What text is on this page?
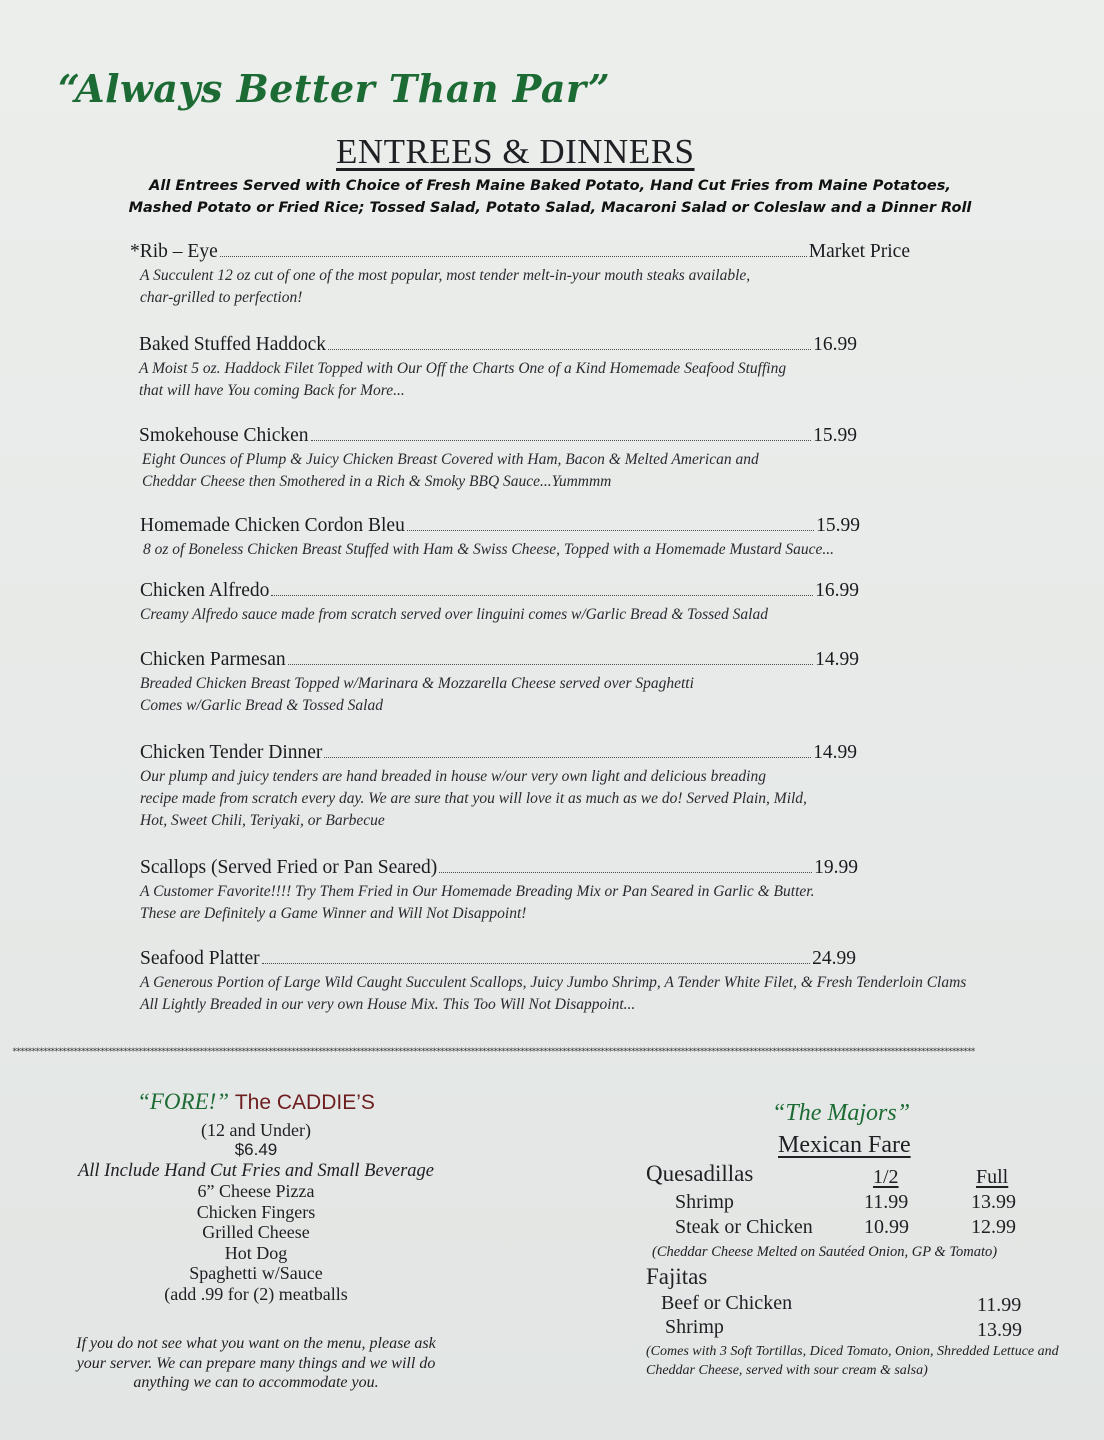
“Always Better Than Par”
ENTREES & DINNERS
All Entrees Served with Choice of Fresh Maine Baked Potato, Hand Cut Fries from Maine Potatoes,
Mashed Potato or Fried Rice; Tossed Salad, Potato Salad, Macaroni Salad or Coleslaw and a Dinner Roll
*Rib – Eye	Market Price
A Succulent 12 oz cut of one of the most popular, most tender melt-in-your mouth steaks available,
char-grilled to perfection!
Baked Stuffed Haddock	16.99
A Moist 5 oz. Haddock Filet Topped with Our Off the Charts One of a Kind Homemade Seafood Stuffing
that will have You coming Back for More...
Smokehouse Chicken	15.99
Eight Ounces of Plump & Juicy Chicken Breast Covered with Ham, Bacon & Melted American and
Cheddar Cheese then Smothered in a Rich & Smoky BBQ Sauce...Yummmm
Homemade Chicken Cordon Bleu	15.99
8 oz of Boneless Chicken Breast Stuffed with Ham & Swiss Cheese, Topped with a Homemade Mustard Sauce...
Chicken Alfredo	16.99
Creamy Alfredo sauce made from scratch served over linguini comes w/Garlic Bread & Tossed Salad
Chicken Parmesan	14.99
Breaded Chicken Breast Topped w/Marinara & Mozzarella Cheese served over Spaghetti
Comes w/Garlic Bread & Tossed Salad
Chicken Tender Dinner	14.99
Our plump and juicy tenders are hand breaded in house w/our very own light and delicious breading
recipe made from scratch every day. We are sure that you will love it as much as we do! Served Plain, Mild,
Hot, Sweet Chili, Teriyaki, or Barbecue
Scallops (Served Fried or Pan Seared)	19.99
A Customer Favorite!!!! Try Them Fried in Our Homemade Breading Mix or Pan Seared in Garlic & Butter.
These are Definitely a Game Winner and Will Not Disappoint!
Seafood Platter	24.99
A Generous Portion of Large Wild Caught Succulent Scallops, Juicy Jumbo Shrimp, A Tender White Filet, & Fresh Tenderloin Clams
All Lightly Breaded in our very own House Mix. This Too Will Not Disappoint...
************************************************************************************************************************************************************************************************************************************************************
“FORE!” The CADDIE’S
(12 and Under)
$6.49
All Include Hand Cut Fries and Small Beverage
6” Cheese Pizza
Chicken Fingers
Grilled Cheese
Hot Dog
Spaghetti w/Sauce
(add .99 for (2) meatballs
If you do not see what you want on the menu, please ask
your server. We can prepare many things and we will do
anything we can to accommodate you.
“The Majors”
Mexican Fare
Quesadillas	1/2	Full
Shrimp	11.99	13.99
Steak or Chicken	10.99	12.99
(Cheddar Cheese Melted on Sautéed Onion, GP & Tomato)
Fajitas
Beef or Chicken	11.99
Shrimp	13.99
(Comes with 3 Soft Tortillas, Diced Tomato, Onion, Shredded Lettuce and
Cheddar Cheese, served with sour cream & salsa)
